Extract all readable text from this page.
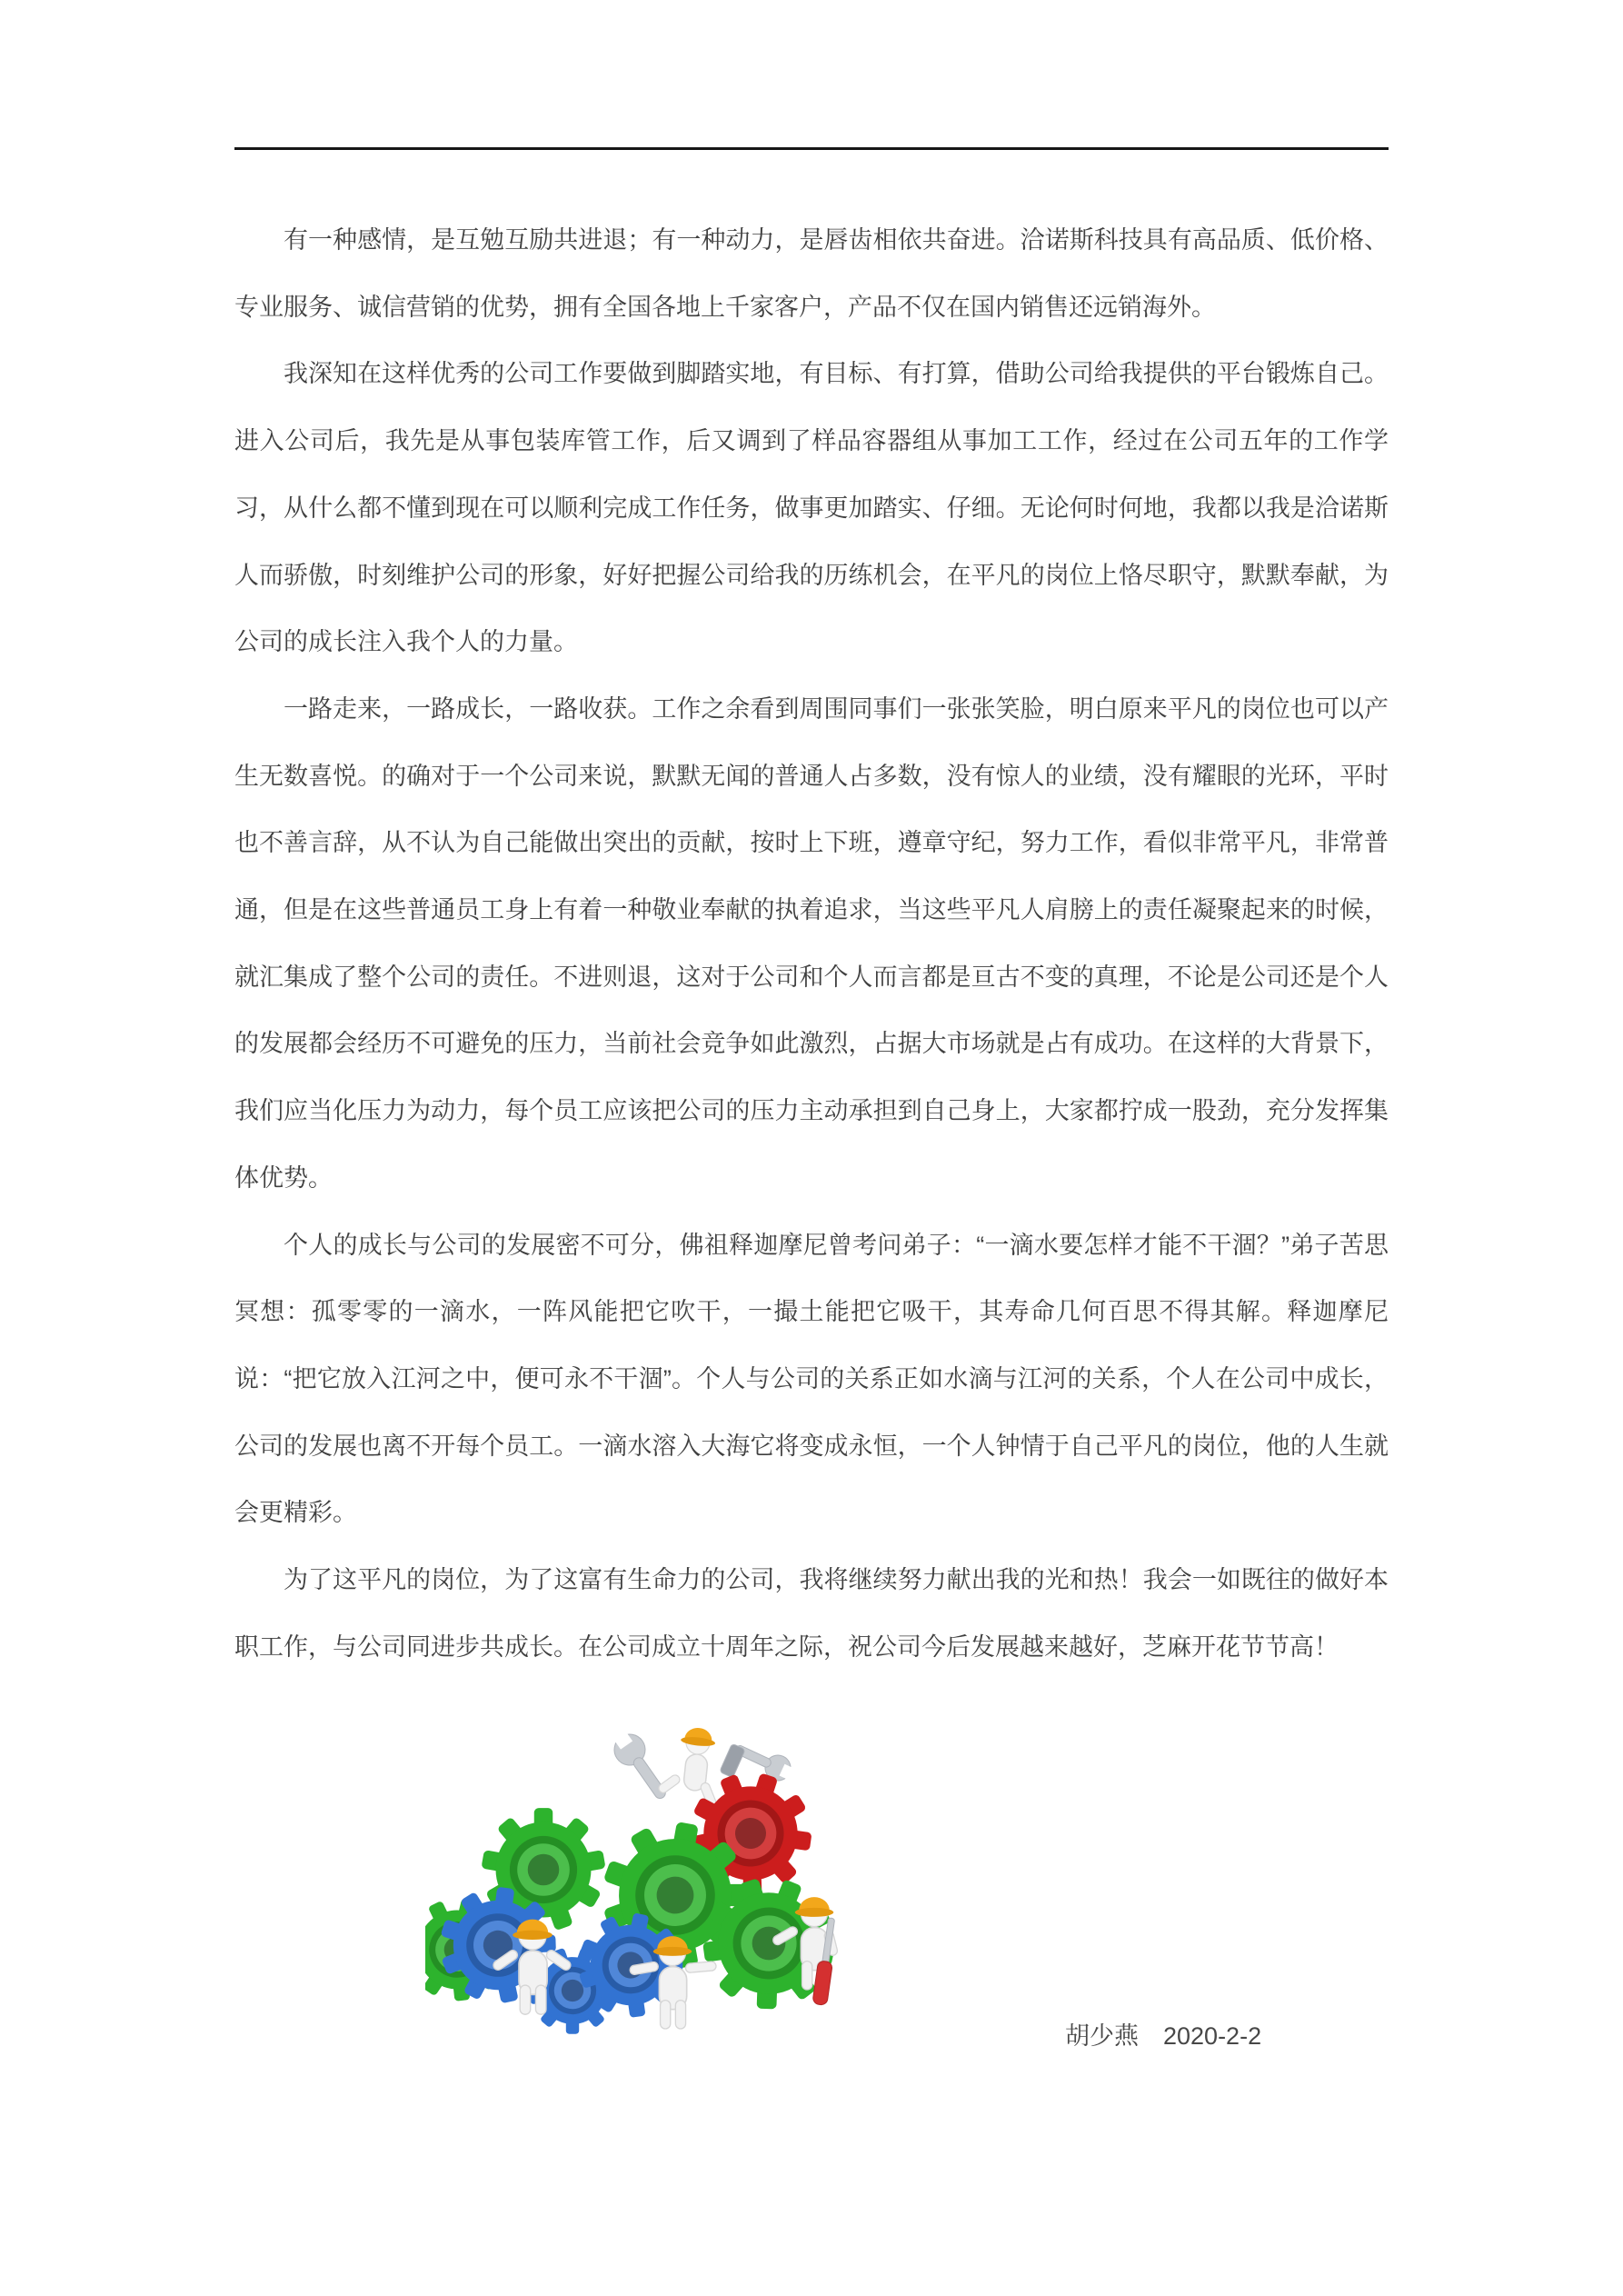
有一种感情，是互勉互励共进退；有一种动力，是唇齿相依共奋进。洽诺斯科技具有高品质、低价格、专业服务、诚信营销的优势，拥有全国各地上千家客户，产品不仅在国内销售还远销海外。

我深知在这样优秀的公司工作要做到脚踏实地，有目标、有打算，借助公司给我提供的平台锻炼自己。进入公司后，我先是从事包装库管工作，后又调到了样品容器组从事加工工作，经过在公司五年的工作学习，从什么都不懂到现在可以顺利完成工作任务，做事更加踏实、仔细。无论何时何地，我都以我是洽诺斯人而骄傲，时刻维护公司的形象，好好把握公司给我的历练机会，在平凡的岗位上恪尽职守，默默奉献，为公司的成长注入我个人的力量。

一路走来，一路成长，一路收获。工作之余看到周围同事们一张张笑脸，明白原来平凡的岗位也可以产生无数喜悦。的确对于一个公司来说，默默无闻的普通人占多数，没有惊人的业绩，没有耀眼的光环，平时也不善言辞，从不认为自己能做出突出的贡献，按时上下班，遵章守纪，努力工作，看似非常平凡，非常普通，但是在这些普通员工身上有着一种敬业奉献的执着追求，当这些平凡人肩膀上的责任凝聚起来的时候，就汇集成了整个公司的责任。不进则退，这对于公司和个人而言都是亘古不变的真理，不论是公司还是个人的发展都会经历不可避免的压力，当前社会竞争如此激烈，占据大市场就是占有成功。在这样的大背景下，我们应当化压力为动力，每个员工应该把公司的压力主动承担到自己身上，大家都拧成一股劲，充分发挥集体优势。

个人的成长与公司的发展密不可分，佛祖释迦摩尼曾考问弟子：“一滴水要怎样才能不干涸？”弟子苦思冥想：孤零零的一滴水，一阵风能把它吹干，一撮土能把它吸干，其寿命几何百思不得其解。释迦摩尼说：“把它放入江河之中，便可永不干涸”。个人与公司的关系正如水滴与江河的关系，个人在公司中成长，公司的发展也离不开每个员工。一滴水溶入大海它将变成永恒，一个人钟情于自己平凡的岗位，他的人生就会更精彩。

为了这平凡的岗位，为了这富有生命力的公司，我将继续努力献出我的光和热！我会一如既往的做好本职工作，与公司同进步共成长。在公司成立十周年之际，祝公司今后发展越来越好，芝麻开花节节高！

胡少燕 2020-2-2
